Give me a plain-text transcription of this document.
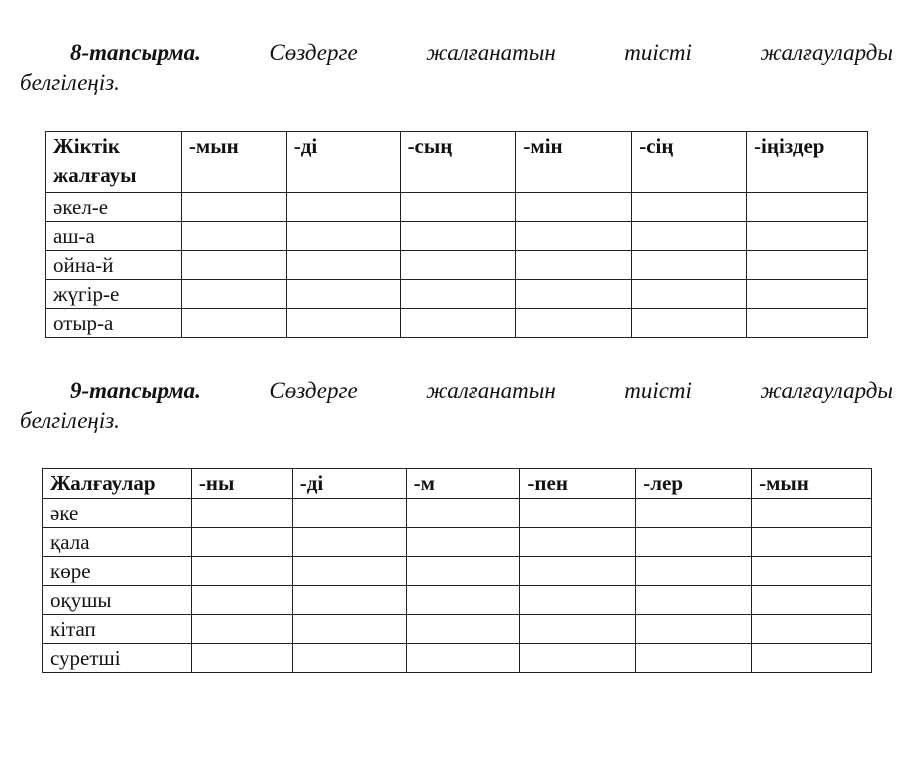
8-тапсырма.	Сөздерге жалғанатын тиісті жалғауларды
белгілеңіз.
Жіктік
жалғауы	-мын	-ді	-сың	-мін	-сің	-іңіздер
әкел-е						
аш-а						
ойна-й						
жүгір-е						
отыр-а						
9-тапсырма.	Сөздерге жалғанатын тиісті жалғауларды
белгілеңіз.
Жалғаулар	-ны	-ді	-м	-пен	-лер	-мын
әке						
қала						
көре						
оқушы						
кітап						
суретші						
